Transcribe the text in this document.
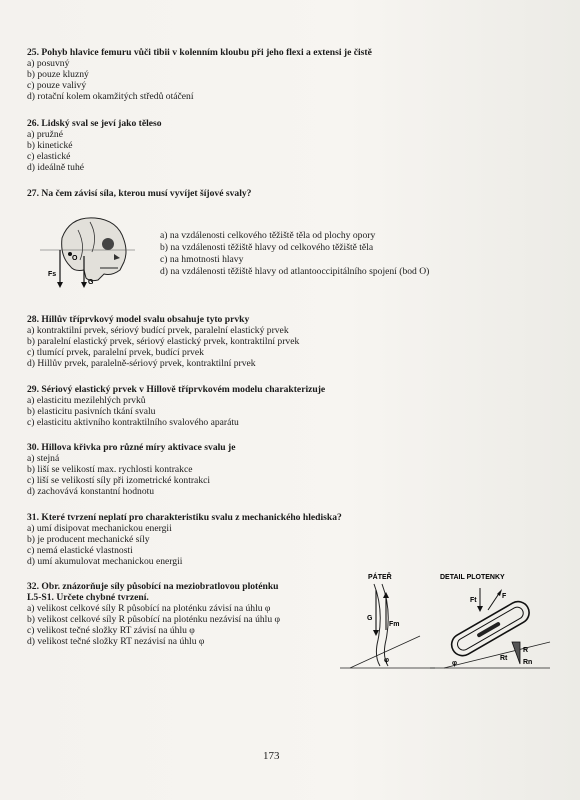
25. Pohyb hlavice femuru vůči tibii v kolenním kloubu při jeho flexi a extensi je čistě
a) posuvný
b) pouze kluzný
c) pouze valivý
d) rotační kolem okamžitých středů otáčení
26. Lidský sval se jeví jako těleso
a) pružné
b) kinetické
c) elastické
d) ideálně tuhé
27. Na čem závisí síla, kterou musí vyvíjet šíjové svaly?
Fs
G
O
a) na vzdálenosti celkového těžiště těla od plochy opory
b) na vzdálenosti těžiště hlavy od celkového těžiště těla
c) na hmotnosti hlavy
d) na vzdálenosti těžiště hlavy od atlantooccipitálního spojení (bod O)
28. Hillův tříprvkový model svalu obsahuje tyto prvky
a) kontraktilní prvek, sériový budící prvek, paralelní elastický prvek
b) paralelní elastický prvek, sériový elastický prvek, kontraktilní prvek
c) tlumící prvek, paralelní prvek, budící prvek
d) Hillův prvek, paralelně-sériový prvek, kontraktilní prvek
29. Sériový elastický prvek v Hillově tříprvkovém modelu charakterizuje
a) elasticitu mezilehlých prvků
b) elasticitu pasivních tkání svalu
c) elasticitu aktivního kontraktilního svalového aparátu
30. Hillova křivka pro různé míry aktivace svalu je
a) stejná
b) liší se velikostí max. rychlosti kontrakce
c) liší se velikostí síly při izometrické kontrakci
d) zachovává konstantní hodnotu
31. Které tvrzení neplatí pro charakteristiku svalu z mechanického hlediska?
a) umí disipovat mechanickou energii
b) je producent mechanické síly
c) nemá elastické vlastnosti
d) umí akumulovat mechanickou energii
32. Obr. znázorňuje síly působící na meziobratlovou ploténku
L5-S1. Určete chybné tvrzení.
a) velikost celkové síly R působící na ploténku závisí na úhlu φ
b) velikost celkové síly R působící na ploténku nezávisí na úhlu φ
c) velikost tečné složky RT závisí na úhlu φ
d) velikost tečné složky RT nezávisí na úhlu φ
PÁTEŘ	DETAIL PLOTENKY
G
Fm
φ
Ft
F
R
Rn
Rt
φ
173
